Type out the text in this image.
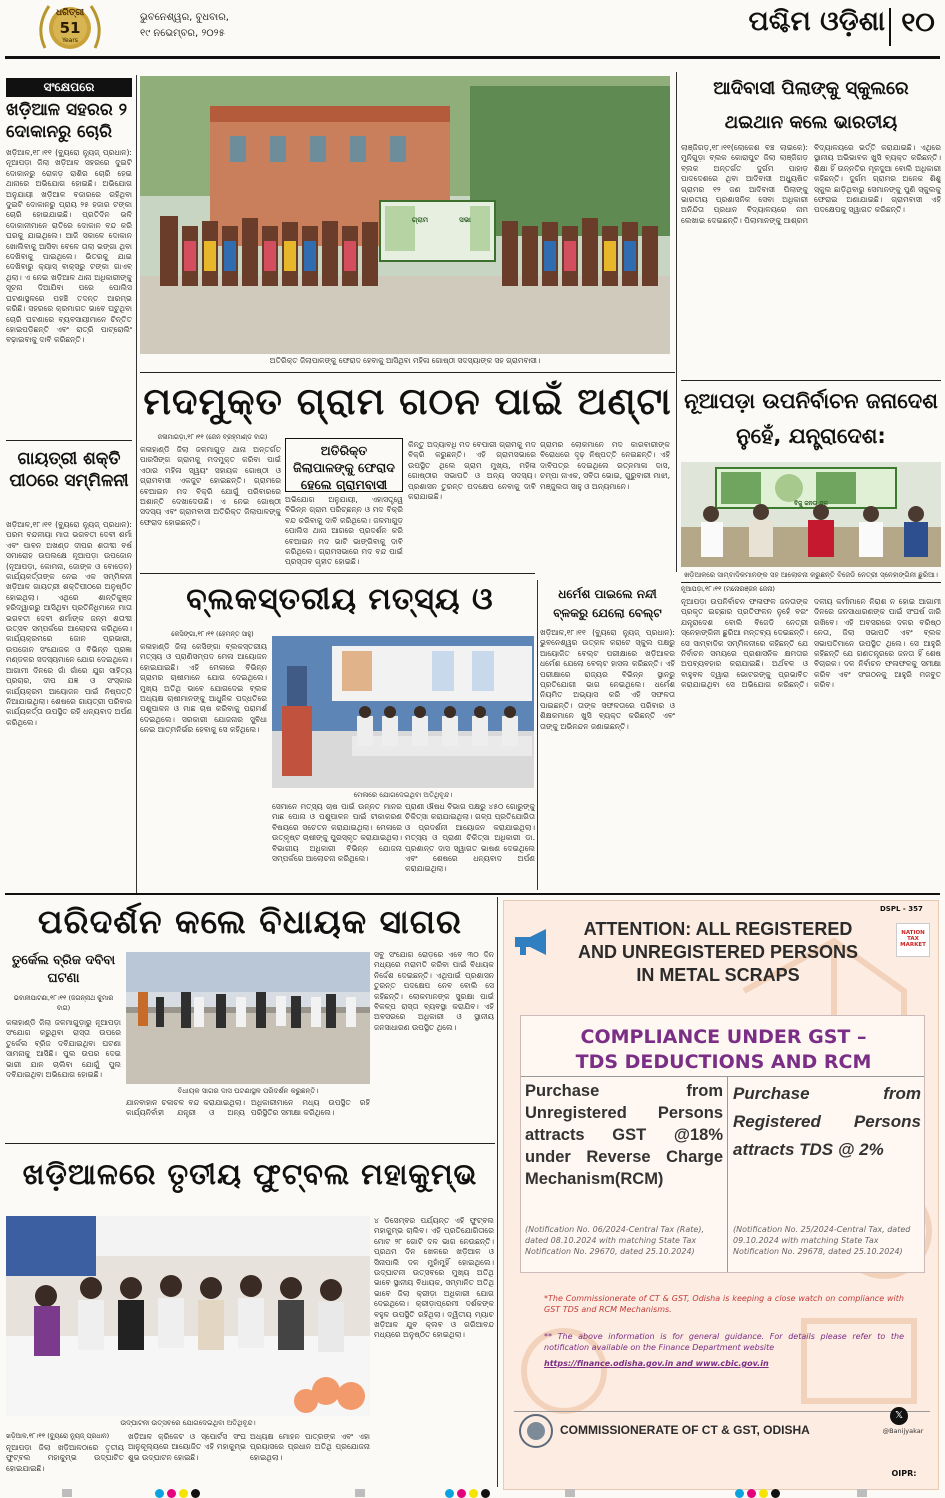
ଧରିତ୍ରୀ
51
Years
ଭୁବନେଶ୍ୱର, ବୁଧବାର,
୧୯ ନଭେମ୍ବର, ୨୦୨୫	ପଶ୍ଚିମ ଓଡ଼ିଶା ୧୦
ସଂକ୍ଷେପରେ
ଖଡ଼ିଆଳ ସହରର ୨ ଦୋକାନରୁ ଚୋରି
ଖଡ଼ିଆଳ,୧୮।୧୧ (ବ୍ୟୁରୋ ନ୍ୟୁଜ୍ ପ୍ରଧାନ): ନୂଆପଡ଼ା ଜିଲା ଖଡ଼ିଆଳ ସହରରେ ଦୁଇଟି ଦୋକାନରୁ ରୋକଡ଼ ରାଶିର ଚୋରି ହେଇ ଥାନାରେ ଅଭିଯୋଗ ହୋଇଛି। ଅଭିଯୋଗ ଅନୁଯାୟୀ ଖଡ଼ିଆଳ ବଜାରରେ ରହିଥିବା ଦୁଇଟି ଦୋକାନରୁ ପ୍ରାୟ ୨୫ ହଜାର ଟଙ୍କା ଚୋରି ହୋଇଯାଇଛି। ପ୍ରତିଦିନ ଭଳି ଦୋକାନୀମାନେ ରାତିରେ ଦୋକାନ ବନ୍ଦ କରି ଘରକୁ ଯାଇଥିଲେ। ଆଜି ସକାଳେ ଦୋକାନ ଖୋଲିବାକୁ ଆସିବା ବେଳେ ତାଲା ଭଙ୍ଗା ଥିବା ଦେଖିବାକୁ ପାଇଥିଲେ। ଭିତରକୁ ଯାଇ ଦେଖିବାରୁ କ୍ୟାସ୍ ବାକ୍ସରୁ ଟଙ୍କା ଗାଏବ୍ ଥିଲା। ଏ ନେଇ ଖଡ଼ିଆଳ ଥାନା ଅଧିକାରୀଙ୍କୁ ସୂଚନା ଦିଆଯିବା ପରେ ପୋଲିସ ଘଟଣାସ୍ଥଳରେ ପହଞ୍ଚି ତଦନ୍ତ ଆରମ୍ଭ କରିଛି। ସହରରେ କ୍ରମାଗତ ଭାବେ ଘଟୁଥିବା ଚୋରି ଘଟଣାରେ ବ୍ୟବସାୟୀମାନେ ଚିନ୍ତିତ ହୋଇପଡ଼ିଛନ୍ତି ଏବଂ ରାତ୍ରି ପାଟ୍ରୋଲିଂ ବଢ଼ାଇବାକୁ ଦାବି କରିଛନ୍ତି।
ଗାୟତ୍ରୀ ଶକ୍ତି ପୀଠରେ ସମ୍ମିଳନୀ
ଖଡ଼ିଆଳ,୧୮।୧୧ (ବ୍ୟୁରୋ ନ୍ୟୁଜ୍ ପ୍ରଧାନ): ପରମ ବନ୍ଦନୀୟା ମାତା ଭଗବତୀ ଦେବୀ ଶର୍ମା ଏବଂ ପାବନ ଅଖଣ୍ଡ ଦୀପର ଶତାବ୍ଦୀ ବର୍ଷ ସମାରୋହ ଉପଲକ୍ଷେ ନୂଆପଡ଼ା ଉପଜୋନ (ନୂଆପଡ଼ା, କୋମନା, ଜୋଙ୍କ ଓ ବୋଡ଼େନ) କାର୍ଯ୍ୟକର୍ତ୍ତାଙ୍କ ନେଇ ଏକ ସମ୍ମିଳନୀ ଖଡ଼ିଆଳ ଗାୟତ୍ରୀ ଶକ୍ତିପୀଠରେ ଅନୁଷ୍ଠିତ ହୋଇଥିଲା। ଏଥିରେ ଶାନ୍ତିକୁଞ୍ଜ ହରିଦ୍ୱାରରୁ ଆସିଥିବା ପ୍ରତିନିଧିମାନେ ମାତା ଭଗବତୀ ଦେବୀ ଶର୍ମାଙ୍କ ଜନ୍ମ ଶତାବ୍ଦୀ ଉତ୍ସବ ସମ୍ପର୍କରେ ଆଲୋଚନା କରିଥିଲେ। କାର୍ଯ୍ୟକ୍ରମରେ ଜୋନ ପ୍ରଭାରୀ, ଉପଜୋନ ସଂଯୋଜକ ଓ ବିଭିନ୍ନ ପ୍ରଜ୍ଞା ମଣ୍ଡଳର ସଦସ୍ୟମାନେ ଯୋଗ ଦେଇଥିଲେ। ଆଗାମୀ ଦିନରେ ଗାଁ ଗାଁରେ ଯୁଗ ସାହିତ୍ୟ ପ୍ରଚାର, ଦୀପ ଯଜ୍ଞ ଓ ସଂସ୍କାର କାର୍ଯ୍ୟକ୍ରମ ଆୟୋଜନ ପାଇଁ ନିଷ୍ପତ୍ତି ନିଆଯାଇଥିଲା। ଶେଷରେ ଗାୟତ୍ରୀ ପରିବାର କାର୍ଯ୍ୟକର୍ତ୍ତା ଉପସ୍ଥିତ ରହି ଧନ୍ୟବାଦ ଅର୍ପଣ କରିଥିଲେ।
ଗ୍ରାମ	ସଭା
ଅତିରିକ୍ତ ଜିଲାପାଳଙ୍କୁ ଫେରାଦ ହେବାକୁ ଆସିଥିବା ମହିଳା ଗୋଷ୍ଠୀ ସଦସ୍ୟାଙ୍କ ସହ ଗ୍ରାମବାସୀ।
ମଦମୁକ୍ତ ଗ୍ରାମ ଗଠନ ପାଇଁ ଅଣ୍ଟା
ଜଳାମାଗଡ଼ା,୧୮।୧୧ (ଜେନ ବ୍ରହ୍ମାଣ୍ଡ ବାଗ)
ଅତିରିକ୍ତ ଜିଲାପାଳଙ୍କୁ ଫେରାଦ ହେଲେ ଗ୍ରାମବାସୀ
କଳାହାଣ୍ଡି ଜିଲା ଜଳମାଗୁଡ଼ ଥାନା ଅନ୍ତର୍ଗତ ପାରସିଙ୍ଗ ଗ୍ରାମକୁ ମଦମୁକ୍ତ କରିବା ପାଇଁ ଏଠାର ମହିଳା ସ୍ୱୟଂ ସହାୟକ ଗୋଷ୍ଠୀ ଓ ଗ୍ରାମବାସୀ ଏକଜୁଟ ହୋଇଛନ୍ତି। ଗ୍ରାମରେ ବେଆଇନ ମଦ ବିକ୍ରି ଯୋଗୁଁ ପରିବାରରେ ଅଶାନ୍ତି ଦେଖାଦେଉଛି। ଏ ନେଇ ଗୋଷ୍ଠୀ ସଦସ୍ୟ ଏବଂ ଗ୍ରାମବାସୀ ଅତିରିକ୍ତ ଜିଲାପାଳଙ୍କୁ ଫେରାଦ ହୋଇଛନ୍ତି।
ଅଭିଯୋଗ ଅନୁଯାୟୀ, ଏହାସତ୍ତ୍ୱେ ବିଭିନ୍ନ ଗ୍ରାମ ପରିଚ୍ଛନ୍ନ ଓ ମଦ ବିକ୍ରି ବନ୍ଦ କରିବାକୁ ଦାବି କରିଥିଲେ। ଜଳମାଗୁଡ଼ ପୋଲିସ ଥାନା ଆଗରେ ପ୍ରଦର୍ଶନ କରି ବେଆଇନ ମଦ ଭାଟି ଭାଙ୍ଗିବାକୁ ଦାବି କରିଥିଲେ। ଗ୍ରାମସଭାରେ ମଦ ବନ୍ଦ ପାଇଁ ପ୍ରସ୍ତାବ ଗୃହୀତ ହୋଇଛି।
କିନ୍ତୁ ଅଦ୍ୟାବଧି ମଦ ବେପାରୀ ଗ୍ରାମକୁ ମଦ ବିକ୍ରି କରୁଛନ୍ତି। ଏହି ଗ୍ରାମସଭାରେ ଉପସ୍ଥିତ ଥିଲେ ଗ୍ରାମ ମୁଖ୍ୟ, ମହିଳା ଗୋଷ୍ଠୀର ସଭାପତି ଓ ଅନ୍ୟ ସଦସ୍ୟ। ପ୍ରଶାସନ ତୁରନ୍ତ ପଦକ୍ଷେପ ନେବାକୁ ଦାବି କରାଯାଇଛି।
ଗ୍ରାମର ଲୋକମାନେ ମଦ କାରବାରୀଙ୍କ ବିରୋଧରେ ଦୃଢ଼ ନିଷ୍ପତ୍ତି ନେଇଛନ୍ତି। ଏହି ଦାବିପତ୍ର ଦେଇଥିଲେ ରତ୍ନମାଳା ଦାସ, ଚମ୍ପା ନାଏକ, ସବିତା ଭୋଇ, ଗୁରୁବାରୀ ମାଝୀ, ମଞ୍ଜୁଲତା ସାହୁ ଓ ଅନ୍ୟମାନେ।
ଆଦିବାସୀ ପିଲାଙ୍କୁ ସ୍କୁଲରେ ଥଇଥାନ କଲେ ଭାରତୀୟ
ଲାଞ୍ଜିଗଡ଼,୧୮।୧୧(ଲୋକେଶ ବଞ୍ଚ ଲାଇକେ): ମୁନିଗୁଡ଼ା ବ୍ଲକ କୋରାପୁଟ ଜିଲା ଲାଞ୍ଜିଗଡ଼ ବ୍ଲକ ଅନ୍ତର୍ଗତ ଦୁର୍ଗମ ପାହାଡ଼ ପାଦଦେଶରେ ଥିବା ଆଦିବାସୀ ଅଧ୍ୟୁଷିତ ଗ୍ରାମର ୧୨ ଜଣ ଆଦିବାସୀ ପିଲାଙ୍କୁ ଭାରତୀୟ ପ୍ରଶାସନିକ ସେବା ଅଧିକାରୀ ଅନିନ୍ଦିତା ପ୍ରଧାନ ବିଦ୍ୟାଳୟରେ ନାମ ଲେଖାଇ ଦେଇଛନ୍ତି। ପିଲାମାନଙ୍କୁ ଆଶ୍ରମ ବିଦ୍ୟାଳୟରେ ଭର୍ତ୍ତି କରାଯାଇଛି। ଏଥିରେ ସ୍ଥାନୀୟ ଅଭିଭାବକ ଖୁସି ବ୍ୟକ୍ତ କରିଛନ୍ତି। ଶିକ୍ଷା ହିଁ ଉନ୍ନତିର ମୂଳଦୁଆ ବୋଲି ଅଧିକାରୀ କହିଛନ୍ତି। ଦୁର୍ଗମ ଗ୍ରାମର ଅନେକ ଶିଶୁ ସ୍କୁଲ ଛାଡ଼ିଥିବାରୁ ସେମାନଙ୍କୁ ପୁଣି ସ୍କୁଲକୁ ଫେରାଇ ଅଣାଯାଇଛି। ଗ୍ରାମବାସୀ ଏହି ପଦକ୍ଷେପକୁ ସ୍ୱାଗତ କରିଛନ୍ତି।
ନୂଆପଡ଼ା ଉପନିର୍ବାଚନ ଜନାଦେଶ ନୁହେଁ, ଯନ୍ତ୍ରାଦେଶ:
ବିଜୁ ଜନତା ଦଳ
ଖଡ଼ିଆଳରେ ସାମ୍ବାଦିକମାନଙ୍କ ସହ ଆଲୋଚନା କରୁଛନ୍ତି ବିଜେଡି ନେତ୍ରୀ ସ୍ନେହାଙ୍ଗିନୀ ଛୁରିଆ।
ନୂଆପଡ଼ା,୧୮।୧୧ (ମନୋରଞ୍ଜନ ଜେନା)
ନୂଆପଡ଼ା ଉପନିର୍ବାଚନ ଫଳାଫଳ ଜନତାଙ୍କ ପ୍ରକୃତ ଇଚ୍ଛାର ପ୍ରତିଫଳନ ନୁହେଁ ବରଂ ଯନ୍ତ୍ରାଦେଶ ବୋଲି ବିଜେଡି ନେତ୍ରୀ ସ୍ନେହାଙ୍ଗିନୀ ଛୁରିଆ ମନ୍ତବ୍ୟ ଦେଇଛନ୍ତି। ସେ ସାମ୍ବାଦିକ ସମ୍ମିଳନୀରେ କହିଛନ୍ତି ଯେ ନିର୍ବାଚନ ସମୟରେ ପ୍ରଶାସନିକ କ୍ଷମତାର ଅପବ୍ୟବହାର କରାଯାଇଛି। ଅର୍ଥବଳ ଓ ବାହୁବଳ ଦ୍ୱାରା ଭୋଟରଙ୍କୁ ପ୍ରଭାବିତ କରାଯାଇଥିବା ସେ ଅଭିଯୋଗ କରିଛନ୍ତି। ଦଳୀୟ କର୍ମୀମାନେ ନିରାଶ ନ ହୋଇ ଆଗାମୀ ଦିନରେ ଜନସାଧାରଣଙ୍କ ପାଇଁ ସଂଘର୍ଷ ଜାରି ରଖିବେ। ଏହି ଅବସରରେ ଦଳର ବରିଷ୍ଠ ନେତା, ଜିଲା ସଭାପତି ଏବଂ ବ୍ଲକ ସଭାପତିମାନେ ଉପସ୍ଥିତ ଥିଲେ। ସେ ଆହୁରି କହିଛନ୍ତି ଯେ ଗଣତନ୍ତ୍ରରେ ଜନତା ହିଁ ଶେଷ ବିଚାରକ। ଦଳ ନିର୍ବାଚନ ଫଳାଫଳକୁ ସମୀକ୍ଷା କରିବ ଏବଂ ସଂଗଠନକୁ ଆହୁରି ମଜବୁତ କରିବ।
ବ୍ଲକସ୍ତରୀୟ ମତ୍ସ୍ୟ ଓ	ଧର୍ମେଶ ପାଇଲେ ନନ୍ଦୀ ବ୍ଳକରୁ ଯେଲୋ ବେଲ୍ଟ
ଖଡ଼ିଆଳ,୧୮।୧୧ (ବ୍ୟୁରୋ ନ୍ୟୁଜ୍ ପ୍ରଧାନ): ଭୁବନେଶ୍ୱର ଉତ୍କଳ କରାଟେ ସ୍କୁଲ ପକ୍ଷରୁ ଆୟୋଜିତ ବେଲ୍ଟ ପରୀକ୍ଷାରେ ଖଡ଼ିଆଳର ଧର୍ମେଶ ଯେଲୋ ବେଲ୍ଟ ହାସଲ କରିଛନ୍ତି। ଏହି ପରୀକ୍ଷାରେ ରାଜ୍ୟର ବିଭିନ୍ନ ସ୍ଥାନରୁ ପ୍ରତିଯୋଗୀ ଭାଗ ନେଇଥିଲେ। ଧର୍ମେଶ ନିୟମିତ ଅଭ୍ୟାସ କରି ଏହି ସଫଳତା ପାଇଛନ୍ତି। ତାଙ୍କ ସଫଳତାରେ ପରିବାର ଓ ଶିକ୍ଷକମାନେ ଖୁସି ବ୍ୟକ୍ତ କରିଛନ୍ତି ଏବଂ ତାଙ୍କୁ ଅଭିନନ୍ଦନ ଜଣାଇଛନ୍ତି।
କେସିଙ୍ଗା,୧୮।୧୧ (ହେମନ୍ତ ସାହୁ)
କଳାହାଣ୍ଡି ଜିଲା କେସିଙ୍ଗା ବ୍ଲକସ୍ତରୀୟ ମତ୍ସ୍ୟ ଓ ପ୍ରାଣିସମ୍ପଦ ମେଳା ଆୟୋଜନ ହୋଇଯାଇଛି। ଏହି ମେଳାରେ ବିଭିନ୍ନ ଗ୍ରାମର ଚାଷୀମାନେ ଯୋଗ ଦେଇଥିଲେ। ମୁଖ୍ୟ ଅତିଥି ଭାବେ ଯୋଗଦେଇ ବ୍ଲକ ଅଧ୍ୟକ୍ଷ ଚାଷୀମାନଙ୍କୁ ଆଧୁନିକ ପଦ୍ଧତିରେ ପଶୁପାଳନ ଓ ମାଛ ଚାଷ କରିବାକୁ ପରାମର୍ଶ ଦେଇଥିଲେ। ସରକାରୀ ଯୋଜନାର ସୁବିଧା ନେଇ ଆତ୍ମନିର୍ଭର ହେବାକୁ ସେ କହିଥିଲେ।
ମେଳାରେ ଯୋଗଦେଇଥିବା ଅତିଥିବୃନ୍ଦ।
ସେମାନେ ମତ୍ସ୍ୟ ଚାଷ ପାଇଁ ଉନ୍ନତ ମାନର ମାଛ ପୋନା ଓ ପଶୁପାଳନ ପାଇଁ ଟୀକାକରଣ ବିଷୟରେ ସଚେତନ କରାଯାଇଥିଲା। ମେଳାରେ ଉତ୍କୃଷ୍ଟ ଚାଷୀଙ୍କୁ ପୁରସ୍କୃତ କରାଯାଇଥିଲା। ବିଭାଗୀୟ ଅଧିକାରୀ ବିଭିନ୍ନ ଯୋଜନା ସମ୍ପର୍କରେ ଆଲୋଚନା କରିଥିଲେ।
ପ୍ରାଣୀ ଔଷଧ ବିଭାଗ ପକ୍ଷରୁ ୪୫୦ ଗୋରୁଙ୍କୁ ଚିକିତ୍ସା କରାଯାଇଥିଲା। ଗଳ୍ପ ପ୍ରତିଯୋଗିତା ଓ ପ୍ରଦର୍ଶନୀ ଆୟୋଜନ କରାଯାଇଥିଲା। ମତ୍ସ୍ୟ ଓ ପ୍ରାଣୀ ଚିକିତ୍ସା ଅଧିକାରୀ ଡା. ପ୍ରଶାନ୍ତ ଦାସ ସ୍ୱାଗତ ଭାଷଣ ଦେଇଥିଲେ ଏବଂ ଶେଷରେ ଧନ୍ୟବାଦ ଅର୍ପଣ କରାଯାଇଥିଲା।
ପରିଦର୍ଶନ କଲେ ବିଧାୟକ ସାଗର
ତୁର୍କେଲ ବ୍ରିଜ ଦବିବା ଘଟଣା
ଭବାନୀପାଟଣା,୧୮।୧୧ (ଜଗନ୍ନାଥ କୁମାର ବାଗ)
କଳାହାଣ୍ଡି ଜିଲା ଜଳମାଗୁଡ଼ାରୁ ନୂଆପଡ଼ା ସଂଯୋଗ କରୁଥିବା ରାସ୍ତା ଉପରେ ତୁର୍କେଲ ବ୍ରିଜ ଦବିଯାଇଥିବା ଘଟଣା ସାମନାକୁ ଆସିଛି। ପୁଲ ଉପର ଦେଇ ଭାରୀ ଯାନ ଚାଲିବା ଯୋଗୁଁ ପୁଲ ଦବିଯାଇଥିବା ଅଭିଯୋଗ ହୋଇଛି।
ବିଧାୟକ ସାଗର ଦାସ ଘଟଣାସ୍ଥଳ ପରିଦର୍ଶନ କରୁଛନ୍ତି।
ଯାନବାହାନ ଚଳାଚଳ ବନ୍ଦ କରାଯାଇଥିଲା। କାର୍ଯ୍ୟନିର୍ବାହୀ ଯନ୍ତ୍ରୀ ଓ ଅନ୍ୟ ଅଧିକାରୀମାନେ ମଧ୍ୟ ଉପସ୍ଥିତ ରହି ପରିସ୍ଥିତିର ସମୀକ୍ଷା କରିଥିଲେ।
ସବୁ ସଂଯୋଗ ରୋଡ଼ରେ ଏବେ ୩୦ ଦିନ ମଧ୍ୟରେ ମରାମତି କରିବା ପାଇଁ ବିଧାୟକ ନିର୍ଦ୍ଦେଶ ଦେଇଛନ୍ତି। ଏଥିପାଇଁ ପ୍ରଶାସନ ତୁରନ୍ତ ପଦକ୍ଷେପ ନେବ ବୋଲି ସେ କହିଛନ୍ତି। ଲୋକମାନଙ୍କ ସୁରକ୍ଷା ପାଇଁ ବିକଳ୍ପ ରାସ୍ତା ବ୍ୟବସ୍ଥା କରାଯିବ। ଏହି ଅବସରରେ ଅଧିକାରୀ ଓ ସ୍ଥାନୀୟ ଜନସାଧାରଣ ଉପସ୍ଥିତ ଥିଲେ।
ଖଡ଼ିଆଳରେ ତୃତୀୟ ଫୁଟ୍‌ବଲ ମହାକୁମ୍ଭ
ଉଦ୍‌ଘାଟନୀ ଉତ୍ସବରେ ଯୋଗଦେଇଥିବା ଅତିଥିବୃନ୍ଦ।
ଖଡ଼ିଆଳ,୧୮।୧୧ (ବ୍ୟୁରୋ ନ୍ୟୁଜ୍ ପ୍ରଧାନ)
ନୂଆପଡ଼ା ଜିଲା ଖଡ଼ିଆଳଠାରେ ତୃତୀୟ ଫୁଟ୍‌ବଲ ମହାକୁମ୍ଭ ଉଦ୍‌ଘାଟିତ ହୋଇଯାଇଛି।
ଖଡ଼ିଆଳ କ୍ରିକେଟ ଓ ସ୍ପୋର୍ଟସ ସଂଘ ଆନୁକୂଲ୍ୟରେ ଆୟୋଜିତ ଏହି ମହାକୁମ୍ଭ ଶୁଭ ଉଦ୍‌ଘାଟନ ହୋଇଛି।
ଅଧ୍ୟକ୍ଷ ମୋହନ ପାତ୍ରଙ୍କ ଏବଂ ଏହା ପ୍ରୟାସରେ ପ୍ରଧାନ ଅତିଥି ପ୍ରଯୋଜନା ହୋଇଥିଲା।
୪ ଡିସେମ୍ବର ପର୍ଯ୍ୟନ୍ତ ଏହି ଫୁଟ୍‌ବଲ ମହାକୁମ୍ଭ ଚାଲିବ। ଏହି ପ୍ରତିଯୋଗିତାରେ ମୋଟ ୨୮ ଗୋଟି ଦଳ ଭାଗ ନେଉଛନ୍ତି। ପ୍ରଥମ ଦିନ ଖେଳରେ ଖଡ଼ିଆଳ ଓ ସିନାପାଲି ଦଳ ମୁହାଁମୁହିଁ ହୋଇଥିଲେ। ଉଦ୍‌ଘାଟନୀ ଉତ୍ସବରେ ମୁଖ୍ୟ ଅତିଥି ଭାବେ ସ୍ଥାନୀୟ ବିଧାୟକ, ସମ୍ମାନିତ ଅତିଥି ଭାବେ ଜିଲା କ୍ରୀଡ଼ା ଅଧିକାରୀ ଯୋଗ ଦେଇଥିଲେ। କ୍ରୀଡ଼ାପ୍ରେମୀ ଦର୍ଶକଙ୍କ ବହୁଳ ଉପସ୍ଥିତି ରହିଥିଲା। ଦ୍ୱିତୀୟ ମ୍ୟାଚ ଖଡ଼ିଆଳ ଯୁବ କ୍ଲବ ଓ ଗରିଆବନ୍ଦ ମଧ୍ୟରେ ଅନୁଷ୍ଠିତ ହୋଇଥିଲା।
DSPL - 357
ATTENTION: ALL REGISTERED
AND UNREGISTERED PERSONS
IN METAL SCRAPS
NATION
TAX
MARKET
COMPLIANCE UNDER GST –
TDS DEDUCTIONS AND RCM
Purchase from Unregistered Persons attracts GST @18% under Reverse Charge Mechanism(RCM)
(Notification No. 06/2024-Central Tax (Rate), dated 08.10.2024 with matching State Tax Notification No. 29670, dated 25.10.2024)
Purchase from Registered Persons attracts TDS @ 2%
(Notification No. 25/2024-Central Tax, dated 09.10.2024 with matching State Tax Notification No. 29678, dated 25.10.2024)
*The Commissionerate of CT & GST, Odisha is keeping a close watch on compliance with GST TDS and RCM Mechanisms.
** The above information is for general guidance. For details please refer to the notification available on the Finance Department website
https://finance.odisha.gov.in and www.cbic.gov.in
COMMISSIONERATE OF CT & GST, ODISHA
𝕏
@Banijyakar
OIPR:
